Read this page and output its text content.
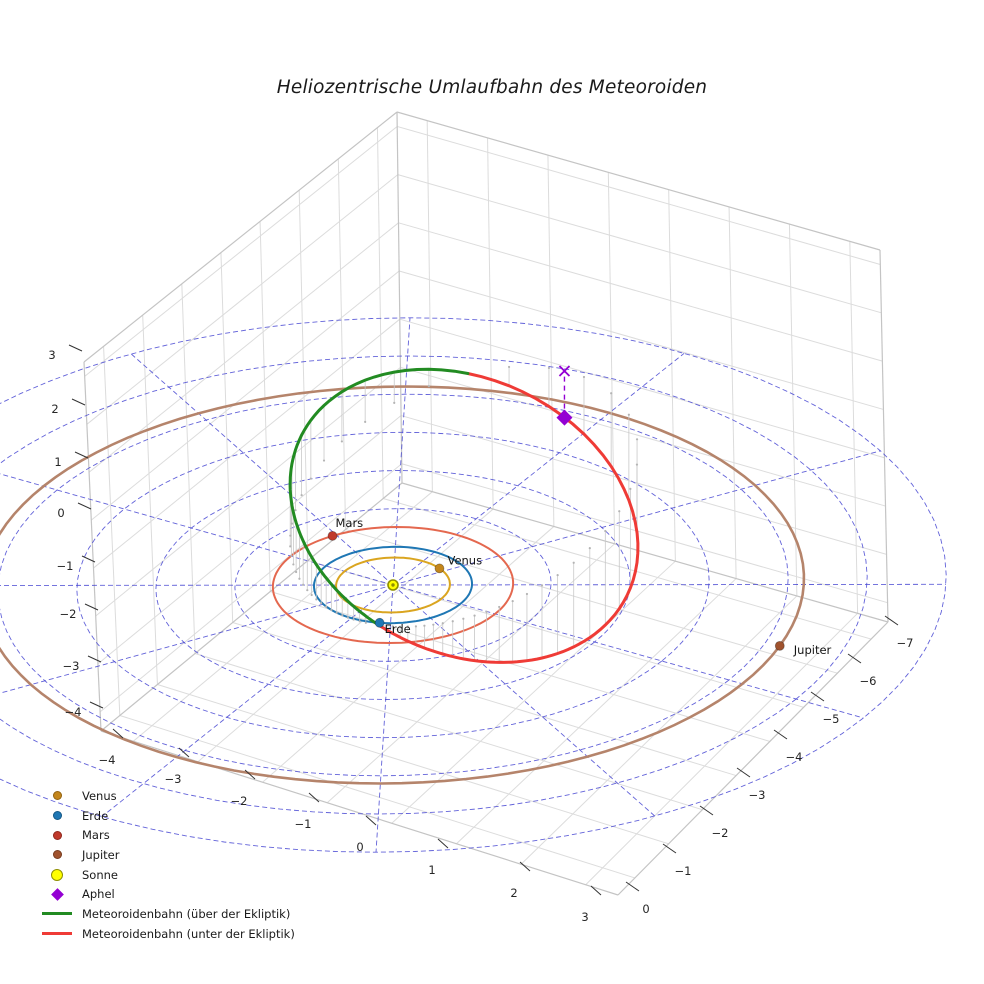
Venus
Erde
Mars
Jupiter
3
2
1
0
−1
−2
−3
−4
−4
−3
−2
−1
0
1
2
3
0
−1
−2
−3
−4
−5
−6
−7
Heliozentrische Umlaufbahn des Meteoroiden
Venus
Erde
Mars
Jupiter
Sonne
Aphel
Meteoroidenbahn (über der Ekliptik)
Meteoroidenbahn (unter der Ekliptik)
